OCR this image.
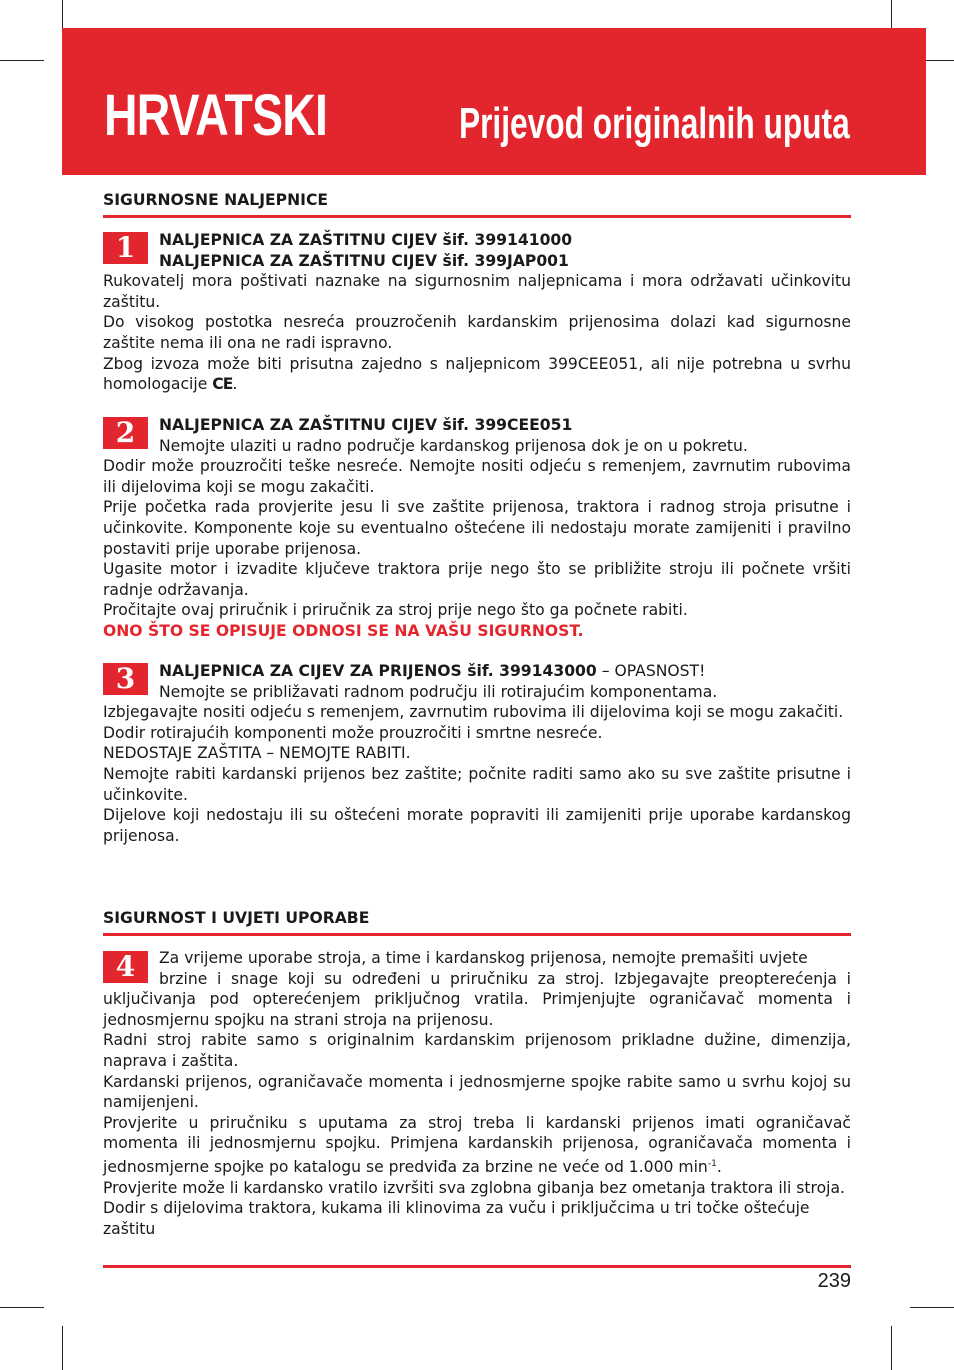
HRVATSKI	Prijevod originalnih uputa
SIGURNOSNE NALJEPNICE
1	NALJEPNICA ZA ZAŠTITNU CIJEV šif. 399141000
NALJEPNICA ZA ZAŠTITNU CIJEV šif. 399JAP001

Rukovatelj mora poštivati naznake na sigurnosnim naljepnicama i mora održavati učinkovitu zaštitu.

Do visokog postotka nesreća prouzročenih kardanskim prijenosima dolazi kad sigurnosne zaštite nema ili ona ne radi ispravno.

Zbog izvoza može biti prisutna zajedno s naljepnicom 399CEE051, ali nije potrebna u svrhu homologacije CE.

2	NALJEPNICA ZA ZAŠTITNU CIJEV šif. 399CEE051
Nemojte ulaziti u radno područje kardanskog prijenosa dok je on u pokretu.

Dodir može prouzročiti teške nesreće. Nemojte nositi odjeću s remenjem, zavrnutim rubovima ili dijelovima koji se mogu zakačiti.

Prije početka rada provjerite jesu li sve zaštite prijenosa, traktora i radnog stroja prisutne i učinkovite. Komponente koje su eventualno oštećene ili nedostaju morate zamijeniti i pravilno postaviti prije uporabe prijenosa.

Ugasite motor i izvadite ključeve traktora prije nego što se približite stroju ili počnete vršiti radnje održavanja.

Pročitajte ovaj priručnik i priručnik za stroj prije nego što ga počnete rabiti.

ONO ŠTO SE OPISUJE ODNOSI SE NA VAŠU SIGURNOST.

3	NALJEPNICA ZA CIJEV ZA PRIJENOS šif. 399143000 – OPASNOST!
Nemojte se približavati radnom području ili rotirajućim komponentama.

Izbjegavajte nositi odjeću s remenjem, zavrnutim rubovima ili dijelovima koji se mogu zakačiti.

Dodir rotirajućih komponenti može prouzročiti i smrtne nesreće.

NEDOSTAJE ZAŠTITA – NEMOJTE RABITI.

Nemojte rabiti kardanski prijenos bez zaštite; počnite raditi samo ako su sve zaštite prisutne i učinkovite.

Dijelove koji nedostaju ili su oštećeni morate popraviti ili zamijeniti prije uporabe kardanskog prijenosa.

SIGURNOST I UVJETI UPORABE
4	Za vrijeme uporabe stroja, a time i kardanskog prijenosa, nemojte premašiti uvjete

brzine i snage koji su određeni u priručniku za stroj. Izbjegavajte preopterećenja i uključivanja pod opterećenjem priključnog vratila. Primjenjujte ograničavač momenta i jednosmjernu spojku na strani stroja na prijenosu.

Radni stroj rabite samo s originalnim kardanskim prijenosom prikladne dužine, dimenzija, naprava i zaštita.

Kardanski prijenos, ograničavače momenta i jednosmjerne spojke rabite samo u svrhu kojoj su namijenjeni.

Provjerite u priručniku s uputama za stroj treba li kardanski prijenos imati ograničavač momenta ili jednosmjernu spojku. Primjena kardanskih prijenosa, ograničavača momenta i jednosmjerne spojke po katalogu se predviđa za brzine ne veće od 1.000 $\min^{-1}$.

Provjerite može li kardansko vratilo izvršiti sva zglobna gibanja bez ometanja traktora ili stroja. Dodir s dijelovima traktora, kukama ili klinovima za vuču i priključcima u tri točke oštećuje zaštitu

239
